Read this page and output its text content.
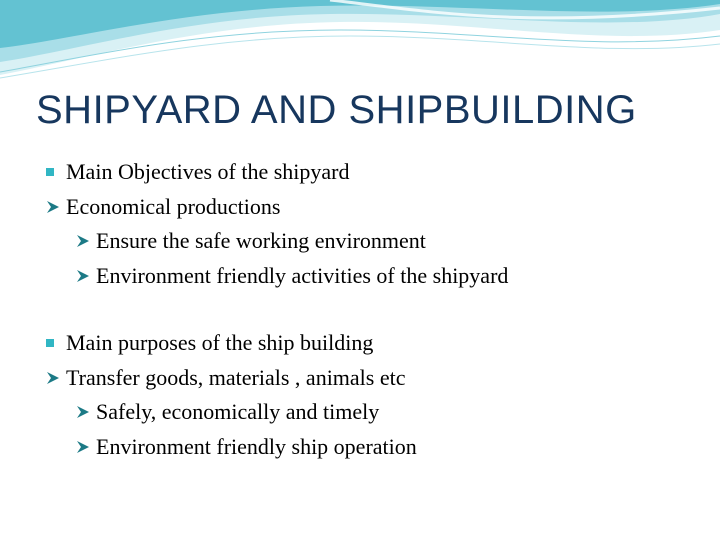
SHIPYARD AND SHIPBUILDING
Main Objectives of the shipyard
Economical productions
Ensure the safe working environment
Environment friendly activities of the shipyard
Main purposes of the ship building
Transfer goods, materials , animals etc
Safely, economically and timely
Environment friendly ship operation
